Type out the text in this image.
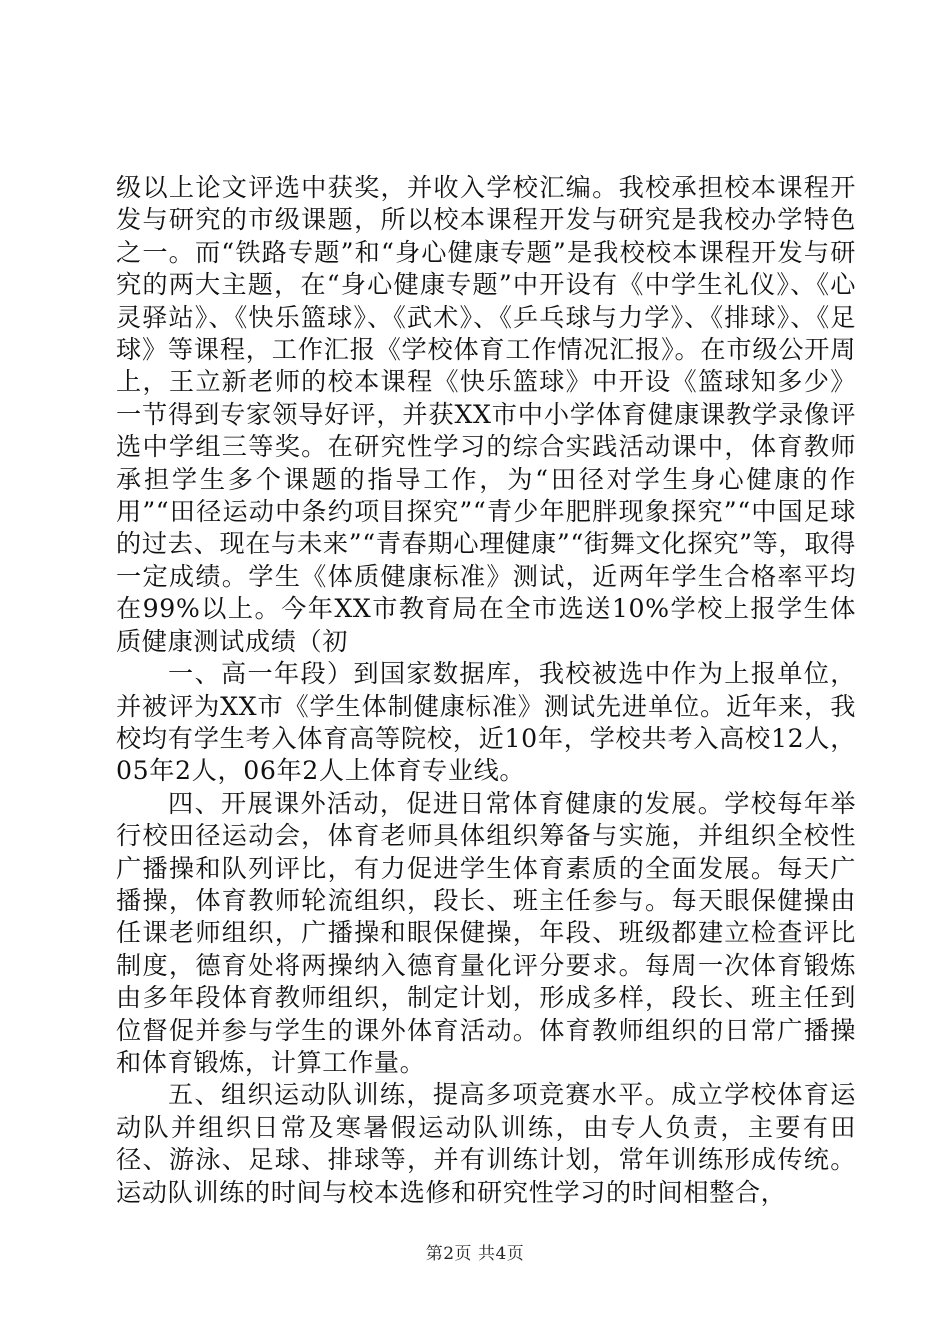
级以上论文评选中获奖，并收入学校汇编。我校承担校本课程开发与研究的市级课题，所以校本课程开发与研究是我校办学特色之一。而“铁路专题”和“身心健康专题”是我校校本课程开发与研究的两大主题，在“身心健康专题”中开设有《中学生礼仪》、《心灵驿站》、《快乐篮球》、《武术》、《乒乓球与力学》、《排球》、《足球》等课程，工作汇报《学校体育工作情况汇报》。在市级公开周上，王立新老师的校本课程《快乐篮球》中开设《篮球知多少》一节得到专家领导好评，并获XX市中小学体育健康课教学录像评选中学组三等奖。在研究性学习的综合实践活动课中，体育教师承担学生多个课题的指导工作，为“田径对学生身心健康的作用”“田径运动中条约项目探究”“青少年肥胖现象探究”“中国足球的过去、现在与未来”“青春期心理健康”“街舞文化探究”等，取得一定成绩。学生《体质健康标准》测试，近两年学生合格率平均在99%以上。今年XX市教育局在全市选送10%学校上报学生体质健康测试成绩（初

一、高一年段）到国家数据库，我校被选中作为上报单位，并被评为XX市《学生体制健康标准》测试先进单位。近年来，我校均有学生考入体育高等院校，近10年，学校共考入高校12人，05年2人，06年2人上体育专业线。

四、开展课外活动，促进日常体育健康的发展。学校每年举行校田径运动会，体育老师具体组织筹备与实施，并组织全校性广播操和队列评比，有力促进学生体育素质的全面发展。每天广播操，体育教师轮流组织，段长、班主任参与。每天眼保健操由任课老师组织，广播操和眼保健操，年段、班级都建立检查评比制度，德育处将两操纳入德育量化评分要求。每周一次体育锻炼由多年段体育教师组织，制定计划，形成多样，段长、班主任到位督促并参与学生的课外体育活动。体育教师组织的日常广播操和体育锻炼，计算工作量。

五、组织运动队训练，提高多项竞赛水平。成立学校体育运动队并组织日常及寒暑假运动队训练，由专人负责，主要有田径、游泳、足球、排球等，并有训练计划，常年训练形成传统。运动队训练的时间与校本选修和研究性学习的时间相整合，

第2页 共4页
